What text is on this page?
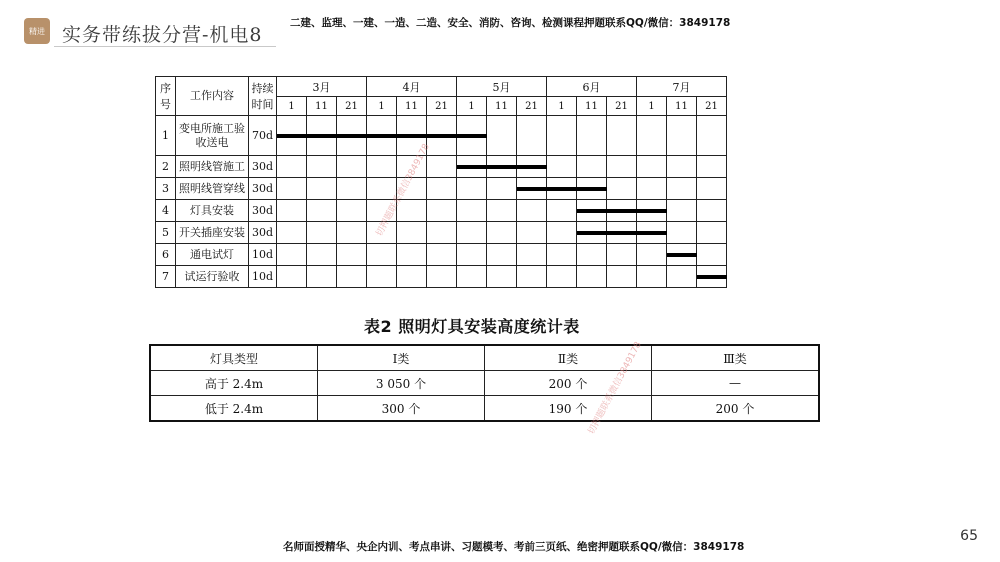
精进 实务带练拔分营-机电8
二建、监理、一建、一造、二造、安全、消防、咨询、检测课程押题联系QQ/微信：3849178
序号	工作内容	持续时间	3月			4月			5月			6月			7月		
			1	11	21	1	11	21	1	11	21	1	11	21	1	11	21
1	变电所施工验收送电	70d															
2	照明线管施工	30d															
3	照明线管穿线	30d															
4	灯具安装	30d															
5	开关插座安装	30d															
6	通电试灯	10d															
7	试运行验收	10d															
表2 照明灯具安装高度统计表
灯具类型	Ⅰ类	Ⅱ类	Ⅲ类
高于 2.4m	3 050 个	200 个	—
低于 2.4m	300 个	190 个	200 个
切押题联系微信3849178
切押题联系微信3849178
名师面授精华、央企内训、考点串讲、习题模考、考前三页纸、绝密押题联系QQ/微信：3849178
65
